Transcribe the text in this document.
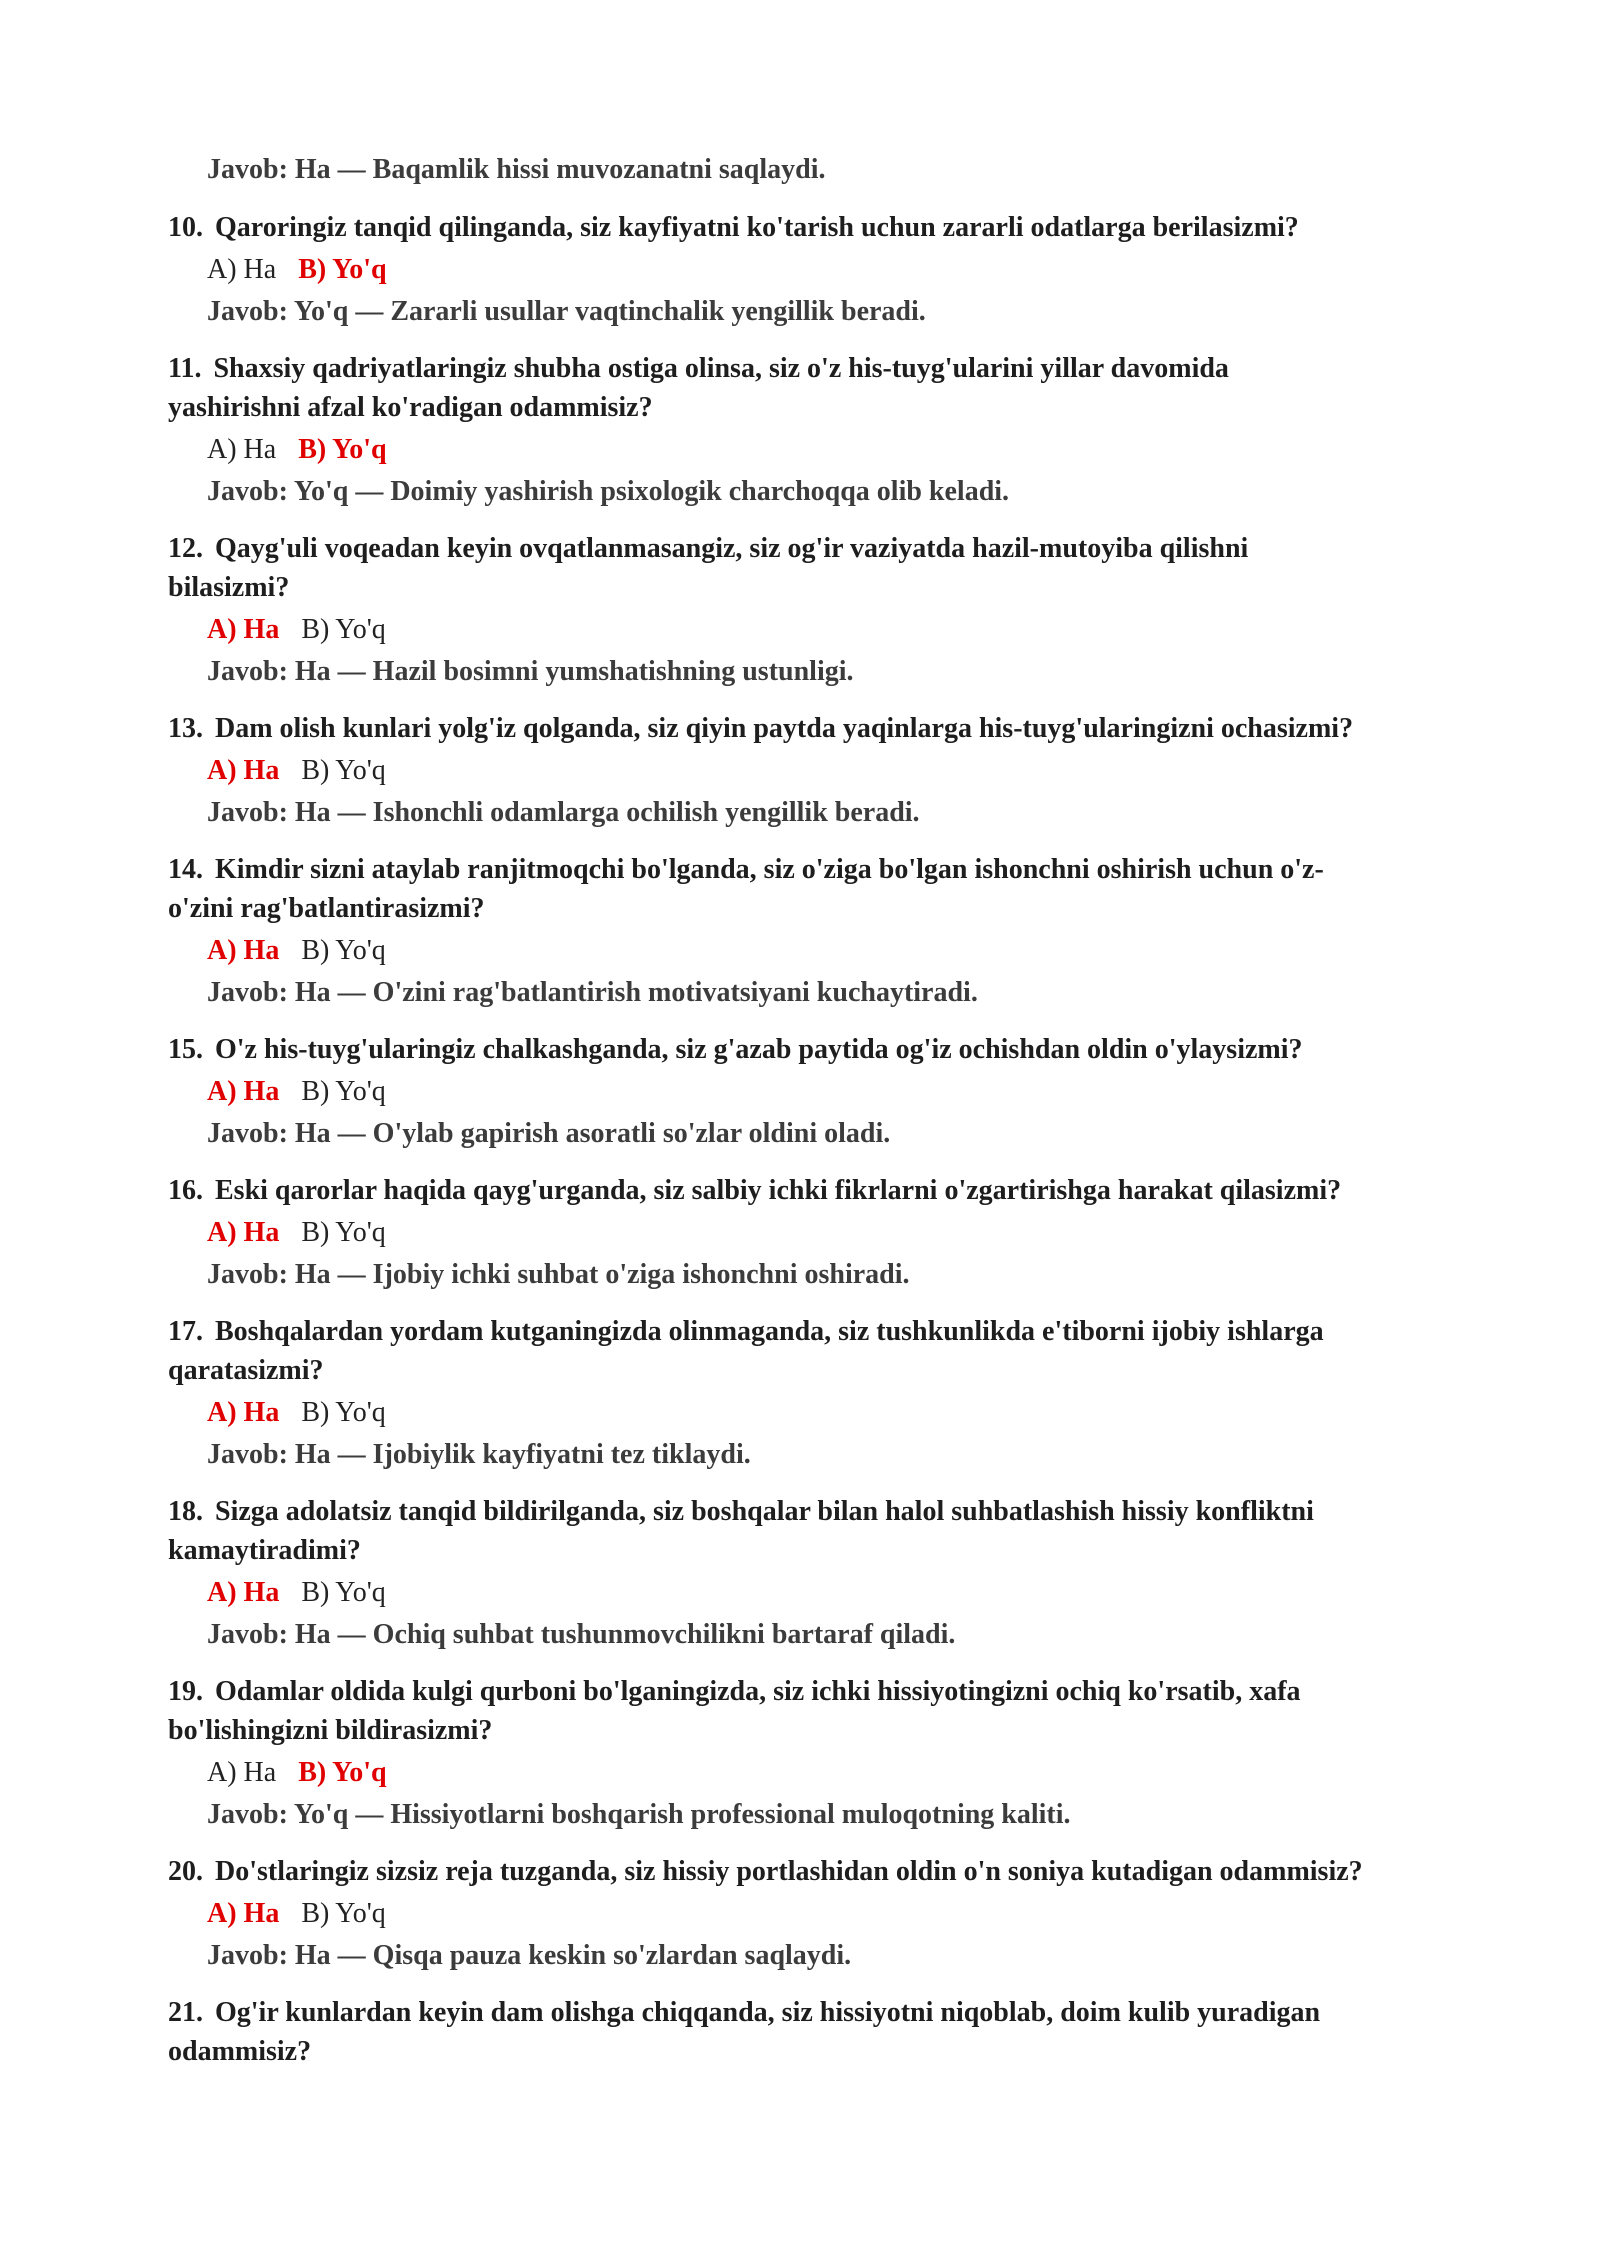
Javob: Ha — Baqamlik hissi muvozanatni saqlaydi.
10. Qaroringiz tanqid qilinganda, siz kayfiyatni ko'tarish uchun zararli odatlarga berilasizmi?
A) Ha B) Yo'q
Javob: Yo'q — Zararli usullar vaqtinchalik yengillik beradi.
11. Shaxsiy qadriyatlaringiz shubha ostiga olinsa, siz o'z his-tuyg'ularini yillar davomida
yashirishni afzal ko'radigan odammisiz?
A) Ha B) Yo'q
Javob: Yo'q — Doimiy yashirish psixologik charchoqqa olib keladi.
12. Qayg'uli voqeadan keyin ovqatlanmasangiz, siz og'ir vaziyatda hazil-mutoyiba qilishni
bilasizmi?
A) Ha B) Yo'q
Javob: Ha — Hazil bosimni yumshatishning ustunligi.
13. Dam olish kunlari yolg'iz qolganda, siz qiyin paytda yaqinlarga his-tuyg'ularingizni ochasizmi?
A) Ha B) Yo'q
Javob: Ha — Ishonchli odamlarga ochilish yengillik beradi.
14. Kimdir sizni ataylab ranjitmoqchi bo'lganda, siz o'ziga bo'lgan ishonchni oshirish uchun o'z-
o'zini rag'batlantirasizmi?
A) Ha B) Yo'q
Javob: Ha — O'zini rag'batlantirish motivatsiyani kuchaytiradi.
15. O'z his-tuyg'ularingiz chalkashganda, siz g'azab paytida og'iz ochishdan oldin o'ylaysizmi?
A) Ha B) Yo'q
Javob: Ha — O'ylab gapirish asoratli so'zlar oldini oladi.
16. Eski qarorlar haqida qayg'urganda, siz salbiy ichki fikrlarni o'zgartirishga harakat qilasizmi?
A) Ha B) Yo'q
Javob: Ha — Ijobiy ichki suhbat o'ziga ishonchni oshiradi.
17. Boshqalardan yordam kutganingizda olinmaganda, siz tushkunlikda e'tiborni ijobiy ishlarga
qaratasizmi?
A) Ha B) Yo'q
Javob: Ha — Ijobiylik kayfiyatni tez tiklaydi.
18. Sizga adolatsiz tanqid bildirilganda, siz boshqalar bilan halol suhbatlashish hissiy konfliktni
kamaytiradimi?
A) Ha B) Yo'q
Javob: Ha — Ochiq suhbat tushunmovchilikni bartaraf qiladi.
19. Odamlar oldida kulgi qurboni bo'lganingizda, siz ichki hissiyotingizni ochiq ko'rsatib, xafa
bo'lishingizni bildirasizmi?
A) Ha B) Yo'q
Javob: Yo'q — Hissiyotlarni boshqarish professional muloqotning kaliti.
20. Do'stlaringiz sizsiz reja tuzganda, siz hissiy portlashidan oldin o'n soniya kutadigan odammisiz?
A) Ha B) Yo'q
Javob: Ha — Qisqa pauza keskin so'zlardan saqlaydi.
21. Og'ir kunlardan keyin dam olishga chiqqanda, siz hissiyotni niqoblab, doim kulib yuradigan
odammisiz?
